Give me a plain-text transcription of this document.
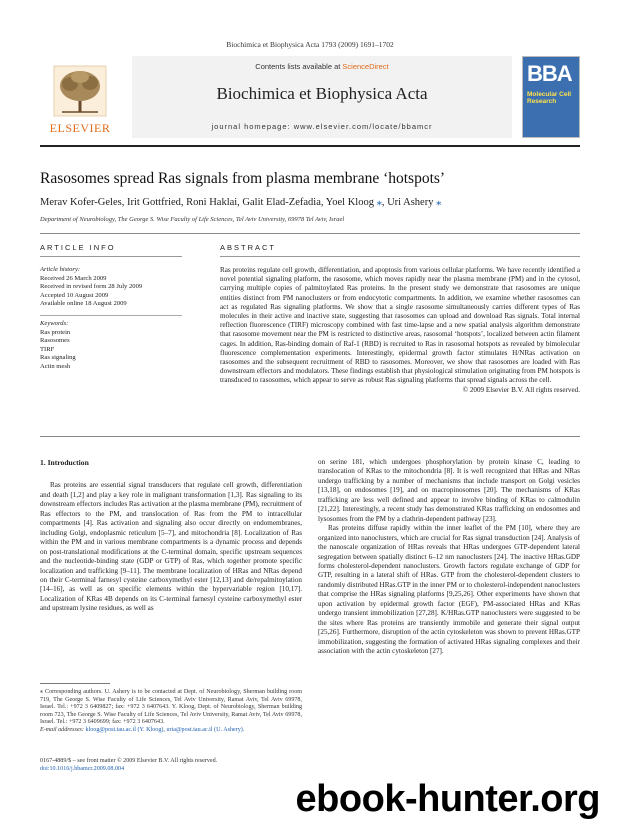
Biochimica et Biophysica Acta 1793 (2009) 1691–1702
ELSEVIER
Contents lists available at ScienceDirect
Biochimica et Biophysica Acta
journal homepage: www.elsevier.com/locate/bbamcr
BBA
Molecular Cell Research
Rasosomes spread Ras signals from plasma membrane ‘hotspots’
Merav Kofer-Geles, Irit Gottfried, Roni Haklai, Galit Elad-Zefadia, Yoel Kloog ⁎, Uri Ashery ⁎
Department of Neurobiology, The George S. Wise Faculty of Life Sciences, Tel Aviv University, 69978 Tel Aviv, Israel
ARTICLE INFO	ABSTRACT
Article history:
Received 26 March 2009
Received in revised form 28 July 2009
Accepted 10 August 2009
Available online 18 August 2009
Keywords:
Ras protein
Rasosomes
TIRF
Ras signaling
Actin mesh
Ras proteins regulate cell growth, differentiation, and apoptosis from various cellular platforms. We have recently identified a novel potential signaling platform, the rasosome, which moves rapidly near the plasma membrane (PM) and in the cytosol, carrying multiple copies of palmitoylated Ras proteins. In the present study we demonstrate that rasosomes are unique entities distinct from PM nanoclusters or from endocytotic compartments. In addition, we examine whether rasosomes can act as regulated Ras signaling platforms. We show that a single rasosome simultaneously carries different types of Ras molecules in their active and inactive state, suggesting that rasosomes can upload and download Ras signals. Total internal reflection fluorescence (TIRF) microscopy combined with fast time-lapse and a new spatial analysis algorithm demonstrate that rasosome movement near the PM is restricted to distinctive areas, rasosomal ‘hotspots’, localized between actin filament cages. In addition, Ras-binding domain of Raf-1 (RBD) is recruited to Ras in rasosomal hotspots as revealed by bimolecular fluorescence complementation experiments. Interestingly, epidermal growth factor stimulates H/NRas activation on rasosomes and the subsequent recruitment of RBD to rasosomes. Moreover, we show that rasosomes are loaded with Ras downstream effectors and modulators. These findings establish that physiological stimulation originating from PM hotspots is transduced to rasosomes, which appear to serve as robust Ras signaling platforms that spread signals across the cell.
© 2009 Elsevier B.V. All rights reserved.
1. Introduction

Ras proteins are essential signal transducers that regulate cell growth, differentiation and death [1,2] and play a key role in malignant transformation [1,3]. Ras signaling to its downstream effectors includes Ras activation at the plasma membrane (PM), recruitment of Ras effectors to the PM, and translocation of Ras from the PM to intracellular compartments [4]. Ras activation and signaling also occur directly on endomembranes, including Golgi, endoplasmic reticulum [5–7], and mitochondria [8]. Localization of Ras within the PM and in various membrane compartments is a dynamic process and depends on post-translational modifications at the C-terminal domain, specific upstream sequences and the nucleotide-binding state (GDP or GTP) of Ras, which together promote specific localization and trafficking [9–11]. The membrane localization of HRas and NRas depend on their C-terminal farnesyl cysteine carboxymethyl ester [12,13] and de/repalmitoylation [14–16], as well as on specific elements within the hypervariable region [10,17]. Localization of KRas 4B depends on its C-terminal farnesyl cysteine carboxymethyl ester and upstream lysine residues, as well as

on serine 181, which undergoes phosphorylation by protein kinase C, leading to translocation of KRas to the mitochondria [8]. It is well recognized that HRas and NRas undergo trafficking by a number of mechanisms that include transport on Golgi vesicles [13,18], on endosomes [19], and on macropinosomes [20]. The mechanisms of KRas trafficking are less well defined and appear to involve binding of KRas to calmodulin [21,22]. Interestingly, a recent study has demonstrated KRas trafficking on endosomes and lysosomes from the PM by a clathrin-dependent pathway [23].

Ras proteins diffuse rapidly within the inner leaflet of the PM [10], where they are organized into nanoclusters, which are crucial for Ras signal transduction [24]. Analysis of the nanoscale organization of HRas reveals that HRas undergoes GTP-dependent lateral segregation between spatially distinct 6–12 nm nanoclusters [24]. The inactive HRas.GDP forms cholesterol-dependent nanoclusters. Growth factors regulate exchange of GDP for GTP, resulting in a lateral shift of HRas. GTP from the cholesterol-dependent clusters to randomly distributed HRas.GTP in the inner PM or to cholesterol-independent nanoclusters that comprise the HRas signaling platforms [9,25,26]. Other experiments have shown that upon activation by epidermal growth factor (EGF), PM-associated HRas and KRas undergo transient immobilization [27,28]. K/HRas.GTP nanoclusters were suggested to be the sites where Ras proteins are transiently immobile and generate their signal output [25,26]. Furthermore, disruption of the actin cytoskeleton was shown to prevent HRas.GTP immobilization, suggesting the formation of activated HRas signaling complexes and their association with the actin cytoskeleton [27].

⁎ Corresponding authors. U. Ashery is to be contacted at Dept. of Neurobiology, Sherman building room 719, The George S. Wise Faculty of Life Sciences, Tel Aviv University, Ramat Aviv, Tel Aviv 69978, Israel. Tel.: +972 3 6409827; fax: +972 3 6407643. Y. Kloog, Dept. of Neurobiology, Sherman building room 723, The George S. Wise Faculty of Life Sciences, Tel Aviv University, Ramat Aviv, Tel Aviv 69978, Israel. Tel.: +972 3 6409699; fax: +972 3 6407643.
E-mail addresses: kloog@post.tau.ac.il (Y. Kloog), uria@post.tau.ac.il (U. Ashery).
0167-4889/$ – see front matter © 2009 Elsevier B.V. All rights reserved.
doi:10.1016/j.bbamcr.2009.08.004
ebook-hunter.org
